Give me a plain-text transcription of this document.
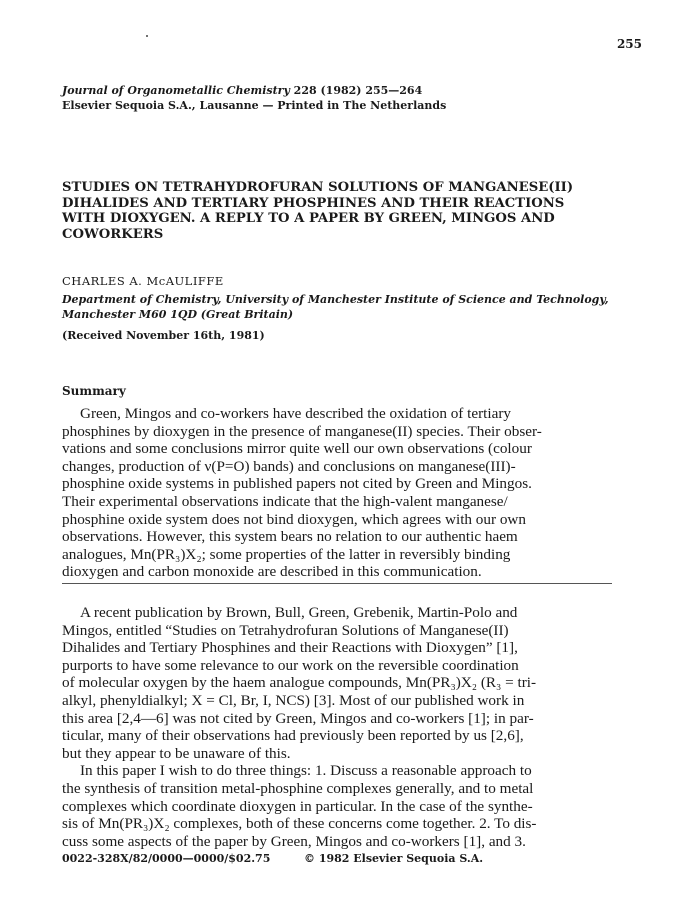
255
Journal of Organometallic Chemistry 228 (1982) 255—264
Elsevier Sequoia S.A., Lausanne — Printed in The Netherlands
STUDIES ON TETRAHYDROFURAN SOLUTIONS OF MANGANESE(II)
DIHALIDES AND TERTIARY PHOSPHINES AND THEIR REACTIONS
WITH DIOXYGEN. A REPLY TO A PAPER BY GREEN, MINGOS AND
COWORKERS
CHARLES A. McAULIFFE
Department of Chemistry, University of Manchester Institute of Science and Technology,
Manchester M60 1QD (Great Britain)
(Received November 16th, 1981)
Summary
Green, Mingos and co-workers have described the oxidation of tertiary
phosphines by dioxygen in the presence of manganese(II) species. Their obser-
vations and some conclusions mirror quite well our own observations (colour
changes, production of ν(P=O) bands) and conclusions on manganese(III)-
phosphine oxide systems in published papers not cited by Green and Mingos.
Their experimental observations indicate that the high-valent manganese/
phosphine oxide system does not bind dioxygen, which agrees with our own
observations. However, this system bears no relation to our authentic haem
analogues, Mn(PR₃)X₂; some properties of the latter in reversibly binding
dioxygen and carbon monoxide are described in this communication.
A recent publication by Brown, Bull, Green, Grebenik, Martin-Polo and
Mingos, entitled “Studies on Tetrahydrofuran Solutions of Manganese(II)
Dihalides and Tertiary Phosphines and their Reactions with Dioxygen” [1],
purports to have some relevance to our work on the reversible coordination
of molecular oxygen by the haem analogue compounds, Mn(PR₃)X₂ (R₃ = tri-
alkyl, phenyldialkyl; X = Cl, Br, I, NCS) [3]. Most of our published work in
this area [2,4—6] was not cited by Green, Mingos and co-workers [1]; in par-
ticular, many of their observations had previously been reported by us [2,6],
but they appear to be unaware of this.
In this paper I wish to do three things: 1. Discuss a reasonable approach to
the synthesis of transition metal-phosphine complexes generally, and to metal
complexes which coordinate dioxygen in particular. In the case of the synthe-
sis of Mn(PR₃)X₂ complexes, both of these concerns come together. 2. To dis-
cuss some aspects of the paper by Green, Mingos and co-workers [1], and 3.
0022-328X/82/0000—0000/$02.75	© 1982 Elsevier Sequoia S.A.
